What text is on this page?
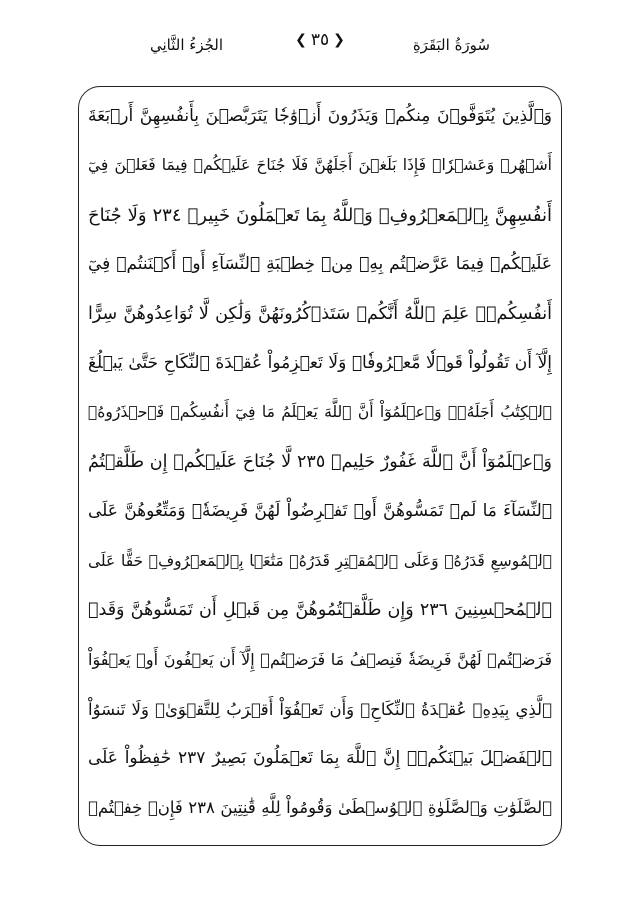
سُورَةُ البَقَرَةِ
❮ ٣٥ ❯
الجُزءُ الثَّانِي
وَٱلَّذِينَ يُتَوَفَّوۡنَ مِنكُمۡ وَيَذَرُونَ أَزۡوَٰجٗا يَتَرَبَّصۡنَ بِأَنفُسِهِنَّ أَرۡبَعَةَ
أَشۡهُرٖ وَعَشۡرٗاۖ فَإِذَا بَلَغۡنَ أَجَلَهُنَّ فَلَا جُنَاحَ عَلَيۡكُمۡ فِيمَا فَعَلۡنَ فِيٓ
أَنفُسِهِنَّ بِٱلۡمَعۡرُوفِۗ وَٱللَّهُ بِمَا تَعۡمَلُونَ خَبِيرٞ ٢٣٤ وَلَا جُنَاحَ
عَلَيۡكُمۡ فِيمَا عَرَّضۡتُم بِهِۦ مِنۡ خِطۡبَةِ ٱلنِّسَآءِ أَوۡ أَكۡنَنتُمۡ فِيٓ
أَنفُسِكُمۡۚ عَلِمَ ٱللَّهُ أَنَّكُمۡ سَتَذۡكُرُونَهُنَّ وَلَٰكِن لَّا تُوَاعِدُوهُنَّ سِرًّا
إِلَّآ أَن تَقُولُواْ قَوۡلٗا مَّعۡرُوفٗاۚ وَلَا تَعۡزِمُواْ عُقۡدَةَ ٱلنِّكَاحِ حَتَّىٰ يَبۡلُغَ
ٱلۡكِتَٰبُ أَجَلَهُۥۚ وَٱعۡلَمُوٓاْ أَنَّ ٱللَّهَ يَعۡلَمُ مَا فِيٓ أَنفُسِكُمۡ فَٱحۡذَرُوهُۚ
وَٱعۡلَمُوٓاْ أَنَّ ٱللَّهَ غَفُورٌ حَلِيمٞ ٢٣٥ لَّا جُنَاحَ عَلَيۡكُمۡ إِن طَلَّقۡتُمُ
ٱلنِّسَآءَ مَا لَمۡ تَمَسُّوهُنَّ أَوۡ تَفۡرِضُواْ لَهُنَّ فَرِيضَةٗۚ وَمَتِّعُوهُنَّ عَلَى
ٱلۡمُوسِعِ قَدَرُهُۥ وَعَلَى ٱلۡمُقۡتِرِ قَدَرُهُۥ مَتَٰعَۢا بِٱلۡمَعۡرُوفِۖ حَقًّا عَلَى
ٱلۡمُحۡسِنِينَ ٢٣٦ وَإِن طَلَّقۡتُمُوهُنَّ مِن قَبۡلِ أَن تَمَسُّوهُنَّ وَقَدۡ
فَرَضۡتُمۡ لَهُنَّ فَرِيضَةٗ فَنِصۡفُ مَا فَرَضۡتُمۡ إِلَّآ أَن يَعۡفُونَ أَوۡ يَعۡفُوَاْ
ٱلَّذِي بِيَدِهِۦ عُقۡدَةُ ٱلنِّكَاحِۚ وَأَن تَعۡفُوٓاْ أَقۡرَبُ لِلتَّقۡوَىٰۚ وَلَا تَنسَوُاْ
ٱلۡفَضۡلَ بَيۡنَكُمۡۚ إِنَّ ٱللَّهَ بِمَا تَعۡمَلُونَ بَصِيرٌ ٢٣٧ حَٰفِظُواْ عَلَى
ٱلصَّلَوَٰتِ وَٱلصَّلَوٰةِ ٱلۡوُسۡطَىٰ وَقُومُواْ لِلَّهِ قَٰنِتِينَ ٢٣٨ فَإِنۡ خِفۡتُمۡ
